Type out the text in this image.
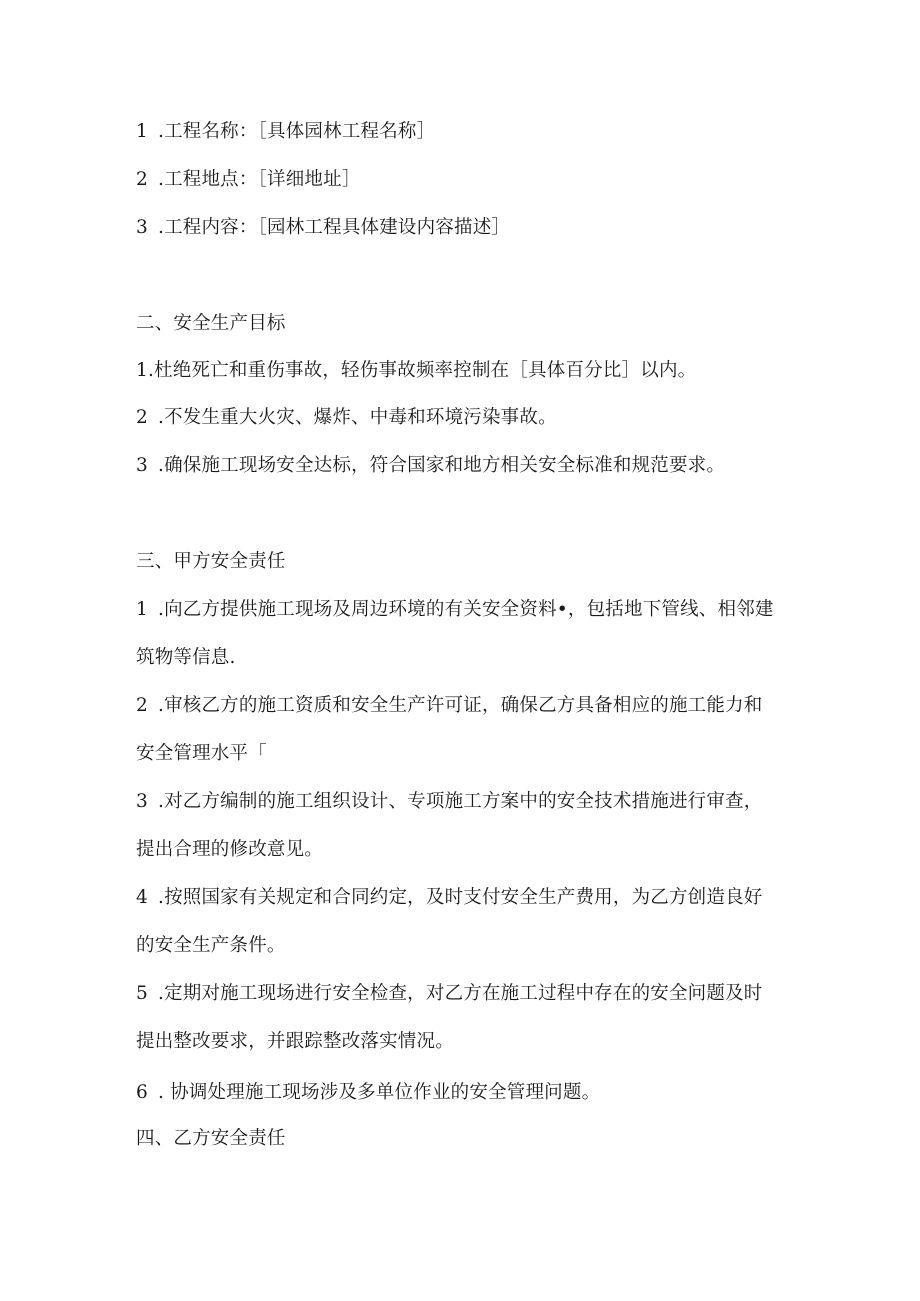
1 .工程名称：［具体园林工程名称］
2 .工程地点：［详细地址］
3 .工程内容：［园林工程具体建设内容描述］
二、安全生产目标
1.杜绝死亡和重伤事故，轻伤事故频率控制在［具体百分比］以内。
2 .不发生重大火灾、爆炸、中毒和环境污染事故。
3 .确保施工现场安全达标，符合国家和地方相关安全标准和规范要求。
三、甲方安全责任
1 .向乙方提供施工现场及周边环境的有关安全资料•，包括地下管线、相邻建
筑物等信息.
2 .审核乙方的施工资质和安全生产许可证，确保乙方具备相应的施工能力和
安全管理水平「
3 .对乙方编制的施工组织设计、专项施工方案中的安全技术措施进行审查，
提出合理的修改意见。
4 .按照国家有关规定和合同约定，及时支付安全生产费用，为乙方创造良好
的安全生产条件。
5 .定期对施工现场进行安全检查，对乙方在施工过程中存在的安全问题及时
提出整改要求，并跟踪整改落实情况。
6 . 协调处理施工现场涉及多单位作业的安全管理问题。
四、乙方安全责任
